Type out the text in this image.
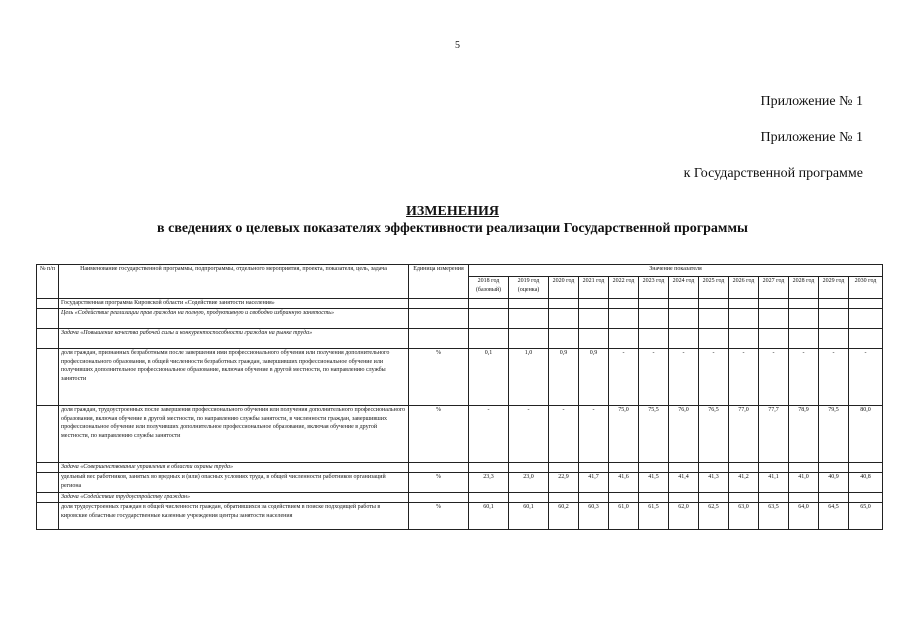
5
Приложение № 1
Приложение № 1
к Государственной программе
ИЗМЕНЕНИЯ
в сведениях о целевых показателях эффективности реализации Государственной программы
№ п/п	Наименование государственной программы, подпрограммы, отдельного мероприятия, проекта, показателя, цель, задача	Единица измерения	Значение показателя												
			2018 год (базовый)	2019 год (оценка)	2020 год	2021 год	2022 год	2023 год	2024 год	2025 год	2026 год	2027 год	2028 год	2029 год	2030 год
	Государственная программа Кировской области «Содействие занятости населения»														
	Цель «Содействие реализации прав граждан на полную, продуктивную и свободно избранную занятость»														
	Задача «Повышение качества рабочей силы и конкурентоспособности граждан на рынке труда»														
	доля граждан, признанных безработными после завершения ими профессионального обучения или получения дополнительного профессионального образования, в общей численности безработных граждан, завершивших профессиональное обучение или получивших дополнительное профессиональное образование, включая обучение в другой местности, по направлению службы занятости	%	0,1	1,0	0,9	0,9	-	-	-	-	-	-	-	-	-
	доля граждан, трудоустроенных после завершения профессионального обучения или получения дополнительного профессионального образования, включая обучение в другой местности, по направлению службы занятости, в численности граждан, завершивших профессиональное обучение или получивших дополнительное профессиональное образование, включая обучение в другой местности, по направлению службы занятости	%	-	-	-	-	75,0	75,5	76,0	76,5	77,0	77,7	78,9	79,5	80,0
	Задача «Совершенствование управления в области охраны труда»														
	удельный вес работников, занятых во вредных и (или) опасных условиях труда, в общей численности работников организаций региона	%	23,3	23,0	22,9	41,7	41,6	41,5	41,4	41,3	41,2	41,1	41,0	40,9	40,8
	Задача «Содействие трудоустройству граждан»														
	доля трудоустроенных граждан в общей численности граждан, обратившихся за содействием в поиске подходящей работы в кировские областные государственные казенные учреждения центры занятости населения	%	60,1	60,1	60,2	60,3	61,0	61,5	62,0	62,5	63,0	63,5	64,0	64,5	65,0
